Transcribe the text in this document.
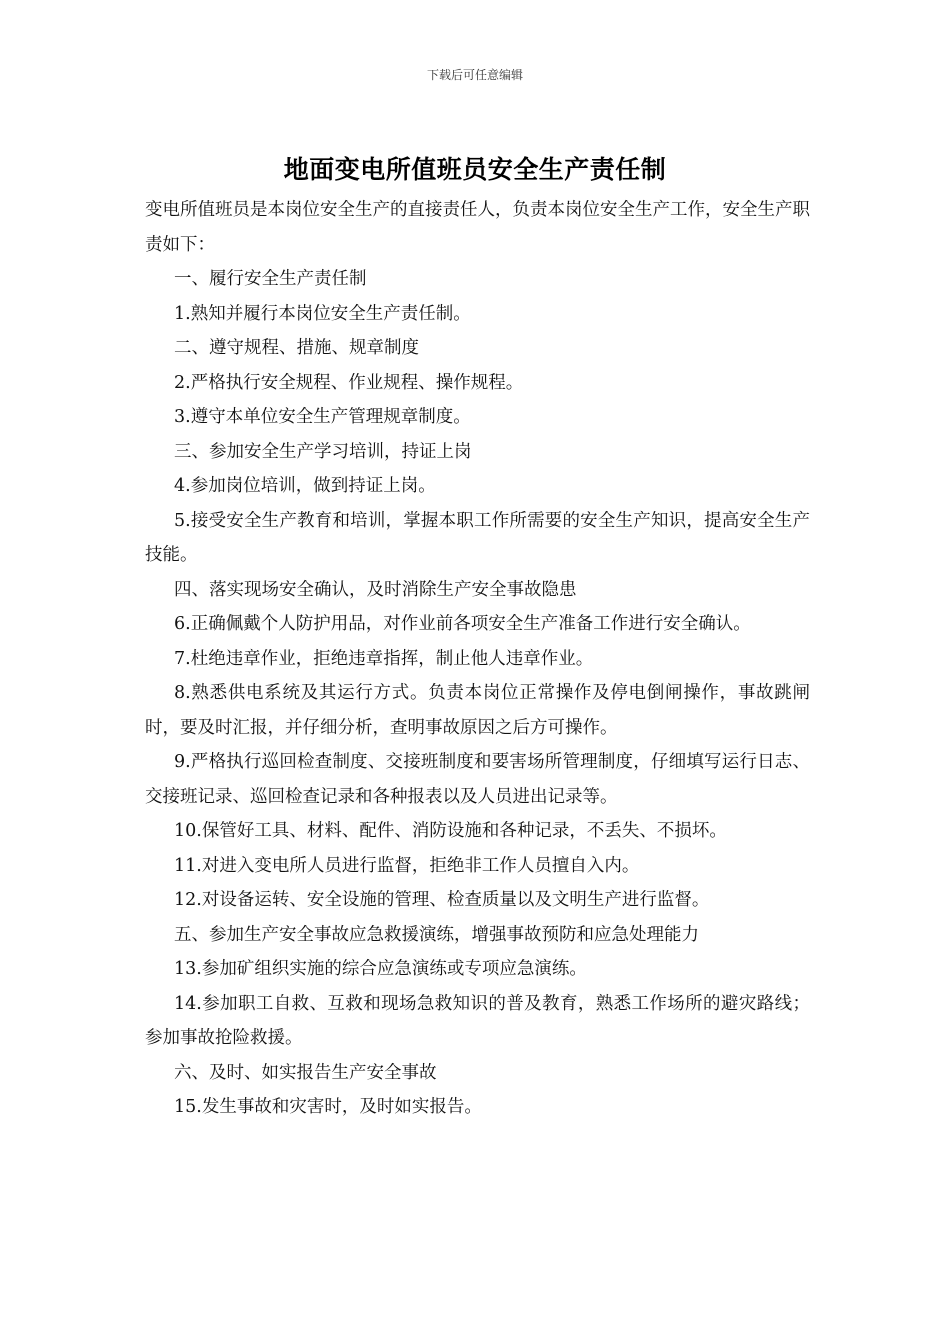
下载后可任意编辑
地面变电所值班员安全生产责任制

变电所值班员是本岗位安全生产的直接责任人，负责本岗位安全生产工作，安全生产职责如下：

一、履行安全生产责任制

1.熟知并履行本岗位安全生产责任制。

二、遵守规程、措施、规章制度

2.严格执行安全规程、作业规程、操作规程。

3.遵守本单位安全生产管理规章制度。

三、参加安全生产学习培训，持证上岗

4.参加岗位培训，做到持证上岗。

5.接受安全生产教育和培训，掌握本职工作所需要的安全生产知识，提高安全生产技能。

四、落实现场安全确认，及时消除生产安全事故隐患

6.正确佩戴个人防护用品，对作业前各项安全生产准备工作进行安全确认。

7.杜绝违章作业，拒绝违章指挥，制止他人违章作业。

8.熟悉供电系统及其运行方式。负责本岗位正常操作及停电倒闸操作，事故跳闸时，要及时汇报，并仔细分析，查明事故原因之后方可操作。

9.严格执行巡回检查制度、交接班制度和要害场所管理制度，仔细填写运行日志、交接班记录、巡回检查记录和各种报表以及人员进出记录等。

10.保管好工具、材料、配件、消防设施和各种记录，不丢失、不损坏。

11.对进入变电所人员进行监督，拒绝非工作人员擅自入内。

12.对设备运转、安全设施的管理、检查质量以及文明生产进行监督。

五、参加生产安全事故应急救援演练，增强事故预防和应急处理能力

13.参加矿组织实施的综合应急演练或专项应急演练。

14.参加职工自救、互救和现场急救知识的普及教育，熟悉工作场所的避灾路线；参加事故抢险救援。

六、及时、如实报告生产安全事故

15.发生事故和灾害时，及时如实报告。
